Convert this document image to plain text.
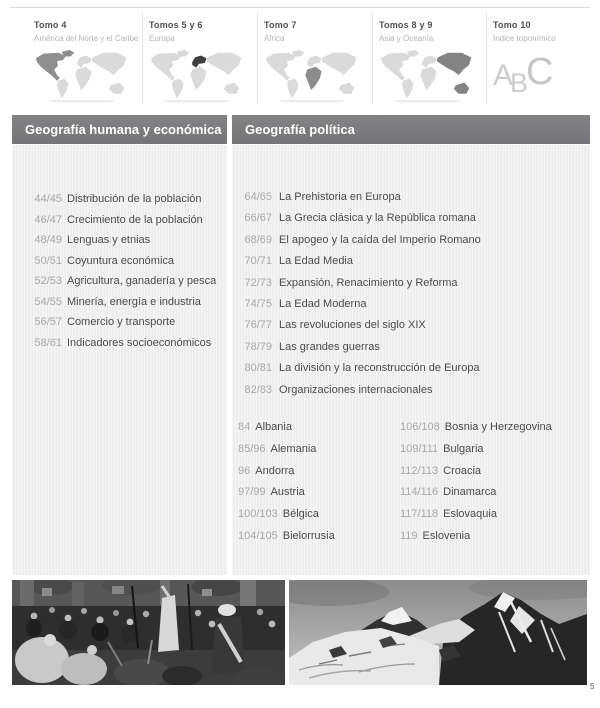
Tomo 4
América del Norte y el Caribe
Tomos 5 y 6
Europa
Tomo 7
África
Tomos 8 y 9
Asia y Oceanía
Tomo 10
Índice toponímico
ABC
Geografía humana y económica	Geografía política
44/45 Distribución de la población
46/47 Crecimiento de la población
48/49 Lenguas y etnias
50/51 Coyuntura económica
52/53 Agricultura, ganadería y pesca
54/55 Minería, energía e industria
56/57 Comercio y transporte
58/61 Indicadores socioeconómicos
64/65 La Prehistoria en Europa
66/67 La Grecia clásica y la República romana
68/69 El apogeo y la caída del Imperio Romano
70/71 La Edad Media
72/73 Expansión, Renacimiento y Reforma
74/75 La Edad Moderna
76/77 Las revoluciones del siglo XIX
78/79 Las grandes guerras
80/81 La división y la reconstrucción de Europa
82/83 Organizaciones internacionales
84 Albania	106/108 Bosnia y Herzegovina
85/96 Alemania	109/111 Bulgaria
96 Andorra	112/113 Croacia
97/99 Austria	114/116 Dinamarca
100/103 Bélgica	117/118 Eslovaquia
104/105 Bielorrusia	119 Eslovenia
5
